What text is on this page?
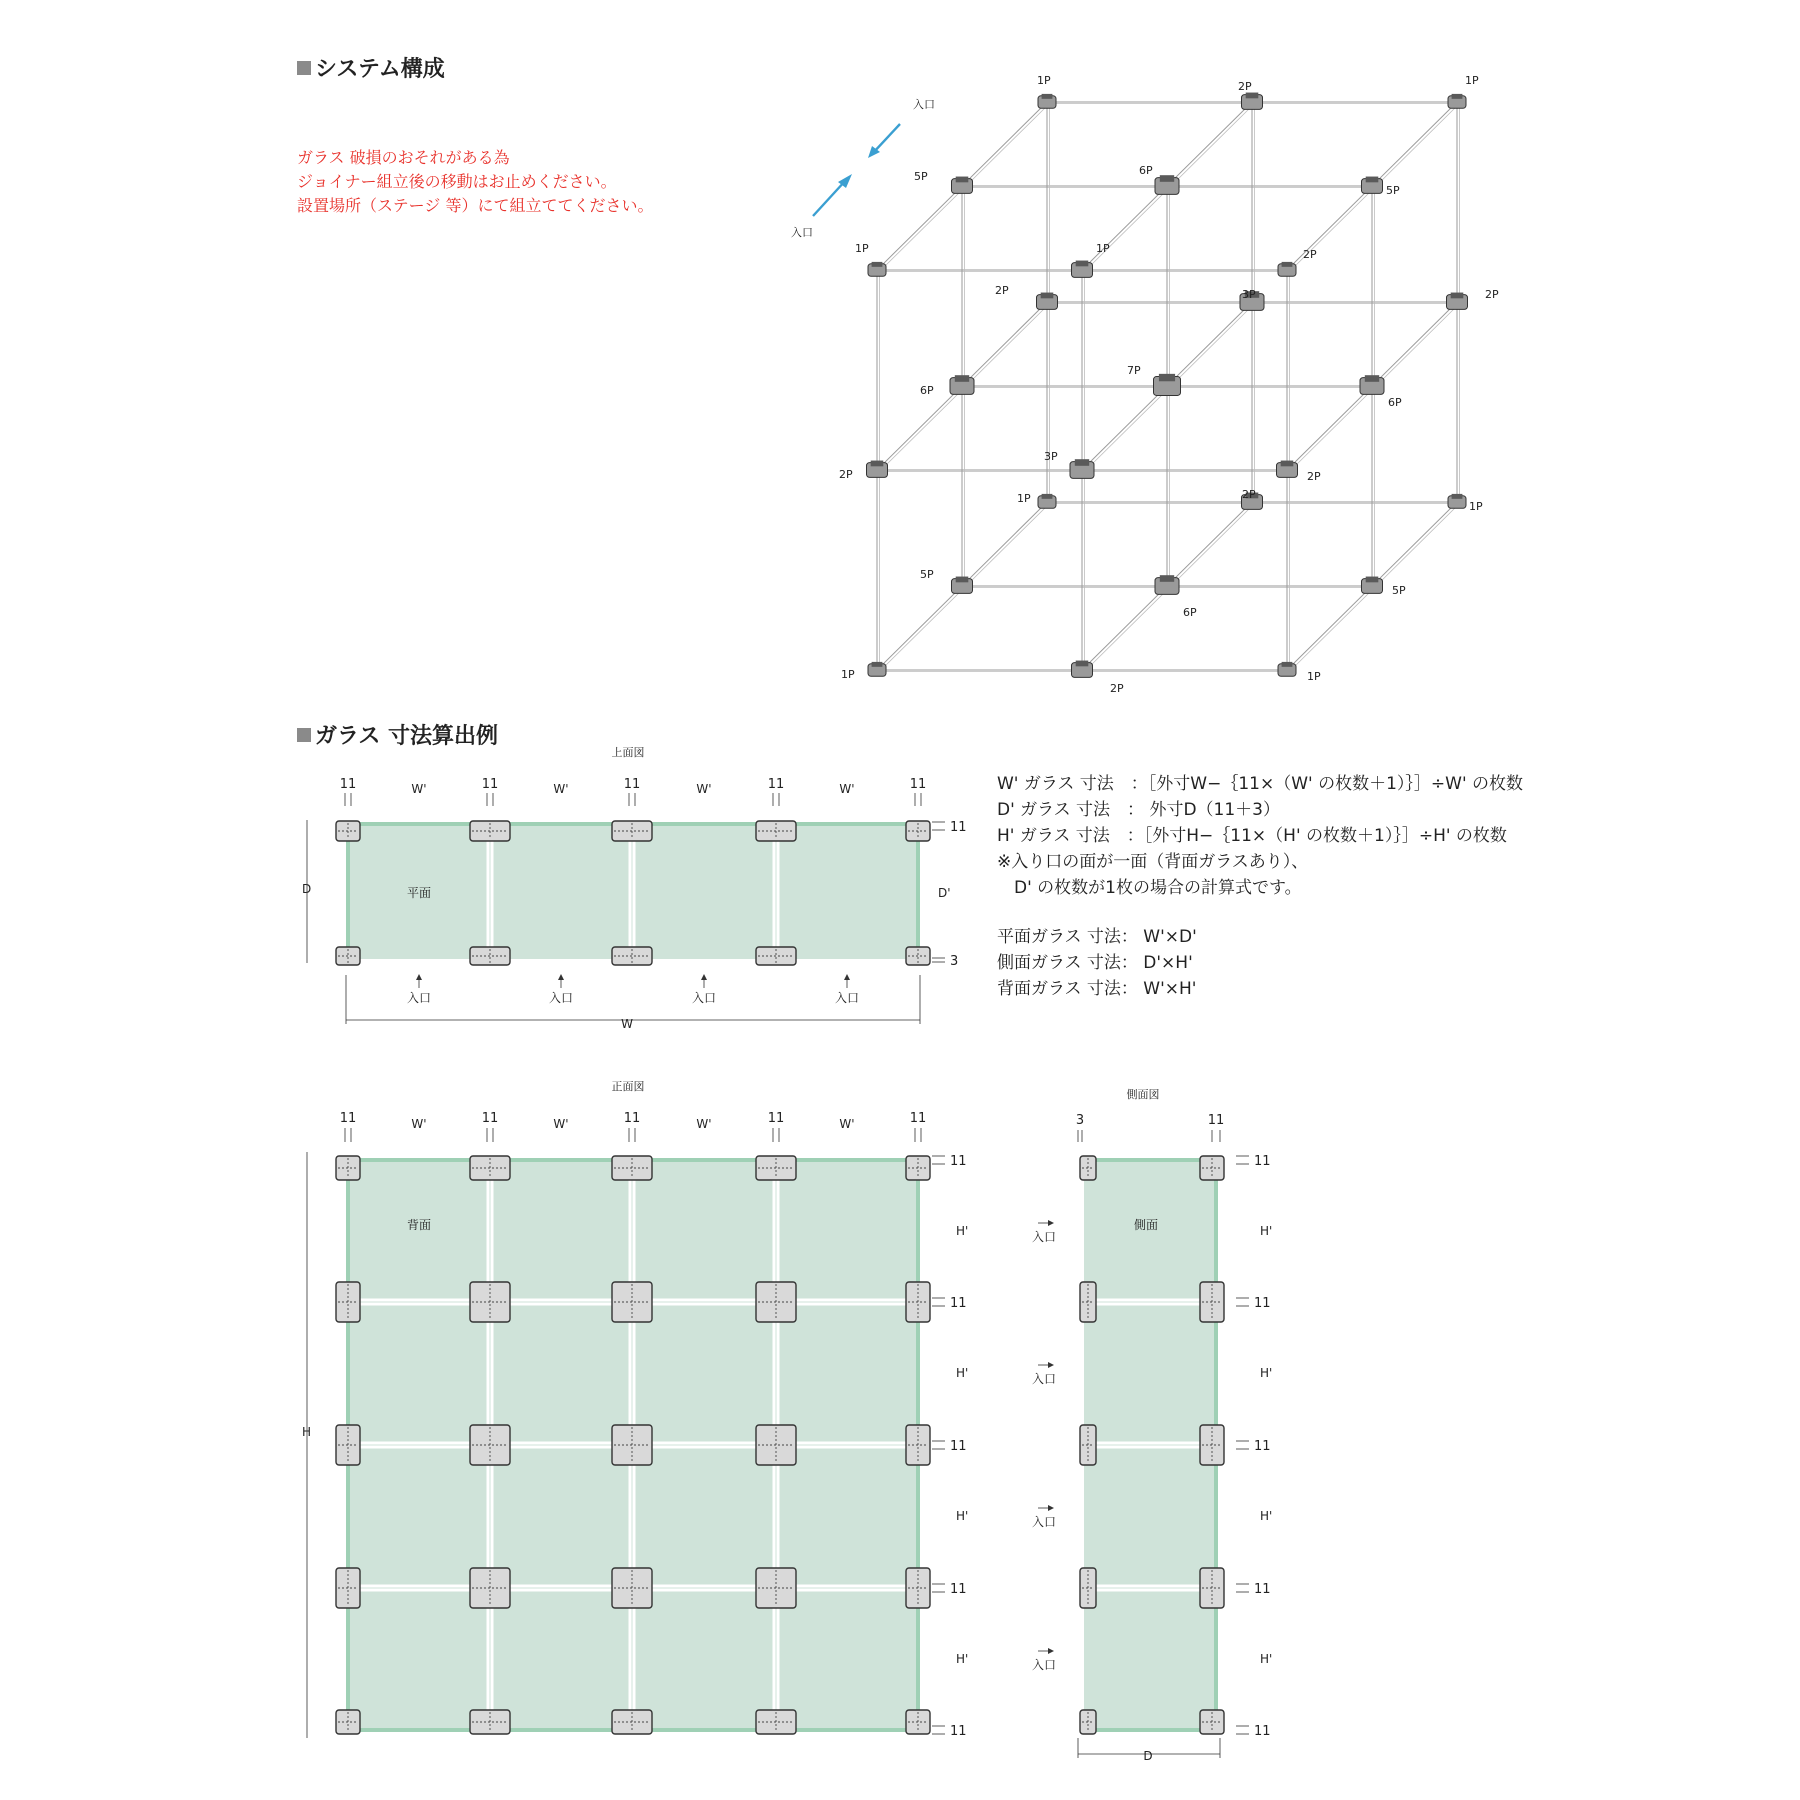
システム構成
ガラス 寸法算出例
ガラス 破損のおそれがある為
ジョイナー組立後の移動はお止めください。
設置場所（ステージ 等）にて組立ててください。
1P	2P	1P
5P	6P
5P
1P	1P	2P
2P	3P	2P
6P
7P
6P
2P
3P
2P
1P	2P
1P
5P
6P
5P
1P
2P
1P
入口
入口
上面図
平面	D'
D
W
11	11	11	11	11
W'	W'	W'	W'
入口	入口	入口	入口
11
3
W' ガラス 寸法　：［外寸W−｛11×（W' の枚数＋1）｝］÷W' の枚数
D' ガラス 寸法　： 外寸D（11＋3）
H' ガラス 寸法　：［外寸H−｛11×（H' の枚数＋1）｝］÷H' の枚数
※入り口の面が一面（背面ガラスあり）、
　D' の枚数が1枚の場合の計算式です。
平面ガラス 寸法： W'×D'
側面ガラス 寸法： D'×H'
背面ガラス 寸法： W'×H'
正面図
背面
H
11	11	11	11	11
W'	W'	W'	W'
11
11
11
11
11
H'
H'
H'
H'
側面図
側面
3	11
D
入口
入口
入口
入口
11
11
11
11
11
H'
H'
H'
H'
